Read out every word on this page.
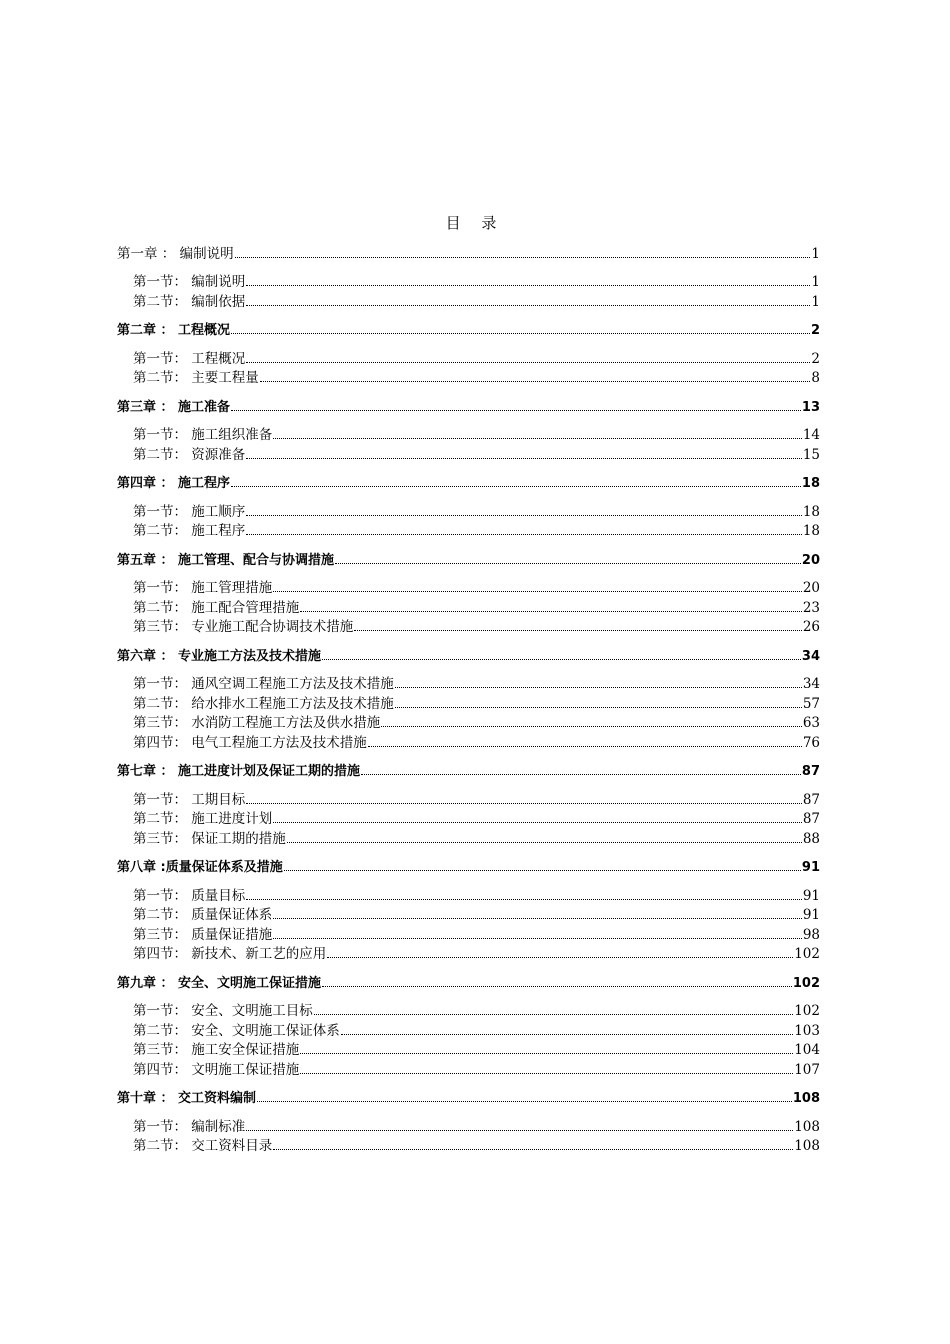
目 录
第一章 ： 编制说明	1
第一节： 编制说明	1
第二节： 编制依据	1
第二章 ： 工程概况	2
第一节： 工程概况	2
第二节： 主要工程量	8
第三章 ： 施工准备	13
第一节： 施工组织准备	14
第二节： 资源准备	15
第四章 ： 施工程序	18
第一节： 施工顺序	18
第二节： 施工程序	18
第五章 ： 施工管理、配合与协调措施	20
第一节： 施工管理措施	20
第二节： 施工配合管理措施	23
第三节： 专业施工配合协调技术措施	26
第六章 ： 专业施工方法及技术措施	34
第一节： 通风空调工程施工方法及技术措施	34
第二节： 给水排水工程施工方法及技术措施	57
第三节： 水消防工程施工方法及供水措施	63
第四节： 电气工程施工方法及技术措施	76
第七章 ： 施工进度计划及保证工期的措施	87
第一节： 工期目标	87
第二节： 施工进度计划	87
第三节： 保证工期的措施	88
第八章 :质量保证体系及措施	91
第一节： 质量目标	91
第二节： 质量保证体系	91
第三节： 质量保证措施	98
第四节： 新技术、新工艺的应用	102
第九章 ： 安全、文明施工保证措施	102
第一节： 安全、文明施工目标	102
第二节： 安全、文明施工保证体系	103
第三节： 施工安全保证措施	104
第四节： 文明施工保证措施	107
第十章 ： 交工资料编制	108
第一节： 编制标准	108
第二节： 交工资料目录	108
